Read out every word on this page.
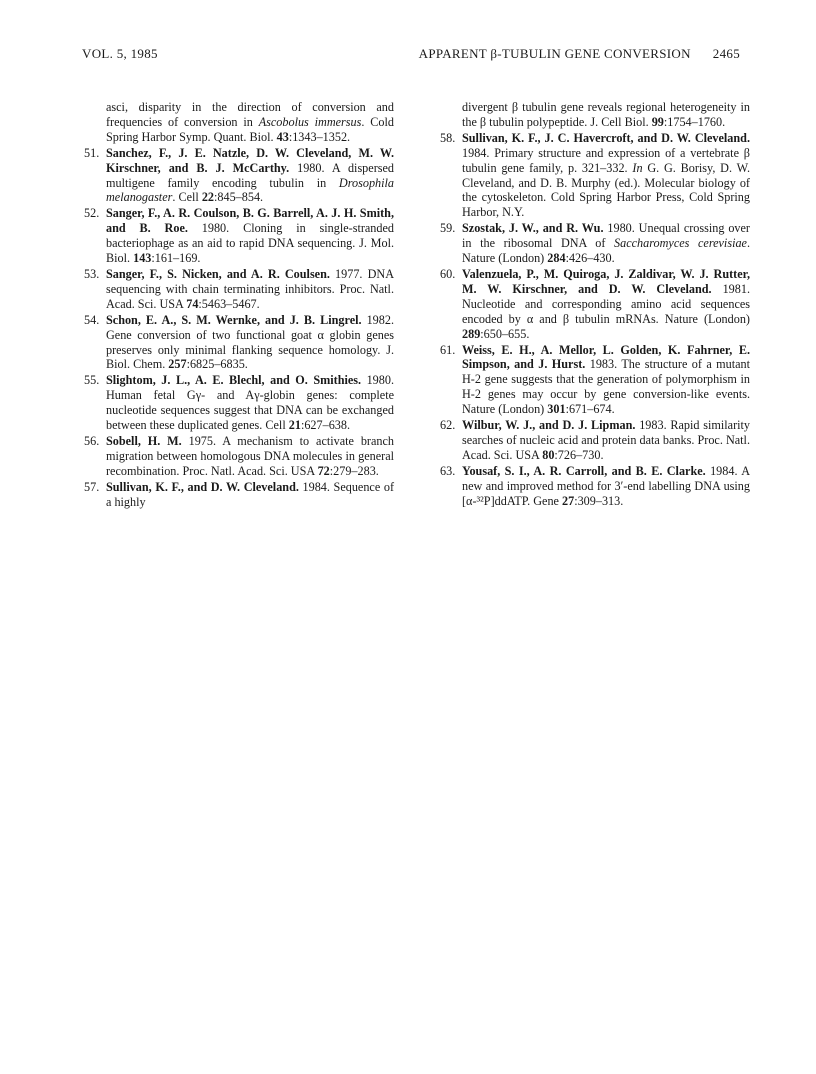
VOL. 5, 1985	APPARENT β-TUBULIN GENE CONVERSION 2465

asci, disparity in the direction of conversion and frequencies of conversion in Ascobolus immersus. Cold Spring Harbor Symp. Quant. Biol. 43:1343–1352.

51. Sanchez, F., J. E. Natzle, D. W. Cleveland, M. W. Kirschner, and B. J. McCarthy. 1980. A dispersed multigene family encoding tubulin in Drosophila melanogaster. Cell 22:845–854.

52. Sanger, F., A. R. Coulson, B. G. Barrell, A. J. H. Smith, and B. Roe. 1980. Cloning in single-stranded bacteriophage as an aid to rapid DNA sequencing. J. Mol. Biol. 143:161–169.

53. Sanger, F., S. Nicken, and A. R. Coulsen. 1977. DNA sequencing with chain terminating inhibitors. Proc. Natl. Acad. Sci. USA 74:5463–5467.

54. Schon, E. A., S. M. Wernke, and J. B. Lingrel. 1982. Gene conversion of two functional goat α globin genes preserves only minimal flanking sequence homology. J. Biol. Chem. 257:6825–6835.

55. Slightom, J. L., A. E. Blechl, and O. Smithies. 1980. Human fetal Gγ- and Aγ-globin genes: complete nucleotide sequences suggest that DNA can be exchanged between these duplicated genes. Cell 21:627–638.

56. Sobell, H. M. 1975. A mechanism to activate branch migration between homologous DNA molecules in general recombination. Proc. Natl. Acad. Sci. USA 72:279–283.

57. Sullivan, K. F., and D. W. Cleveland. 1984. Sequence of a highly

divergent β tubulin gene reveals regional heterogeneity in the β tubulin polypeptide. J. Cell Biol. 99:1754–1760.

58. Sullivan, K. F., J. C. Havercroft, and D. W. Cleveland. 1984. Primary structure and expression of a vertebrate β tubulin gene family, p. 321–332. In G. G. Borisy, D. W. Cleveland, and D. B. Murphy (ed.). Molecular biology of the cytoskeleton. Cold Spring Harbor Press, Cold Spring Harbor, N.Y.

59. Szostak, J. W., and R. Wu. 1980. Unequal crossing over in the ribosomal DNA of Saccharomyces cerevisiae. Nature (London) 284:426–430.

60. Valenzuela, P., M. Quiroga, J. Zaldivar, W. J. Rutter, M. W. Kirschner, and D. W. Cleveland. 1981. Nucleotide and corresponding amino acid sequences encoded by α and β tubulin mRNAs. Nature (London) 289:650–655.

61. Weiss, E. H., A. Mellor, L. Golden, K. Fahrner, E. Simpson, and J. Hurst. 1983. The structure of a mutant H-2 gene suggests that the generation of polymorphism in H-2 genes may occur by gene conversion-like events. Nature (London) 301:671–674.

62. Wilbur, W. J., and D. J. Lipman. 1983. Rapid similarity searches of nucleic acid and protein data banks. Proc. Natl. Acad. Sci. USA 80:726–730.

63. Yousaf, S. I., A. R. Carroll, and B. E. Clarke. 1984. A new and improved method for 3′-end labelling DNA using [α-³²P]ddATP. Gene 27:309–313.
